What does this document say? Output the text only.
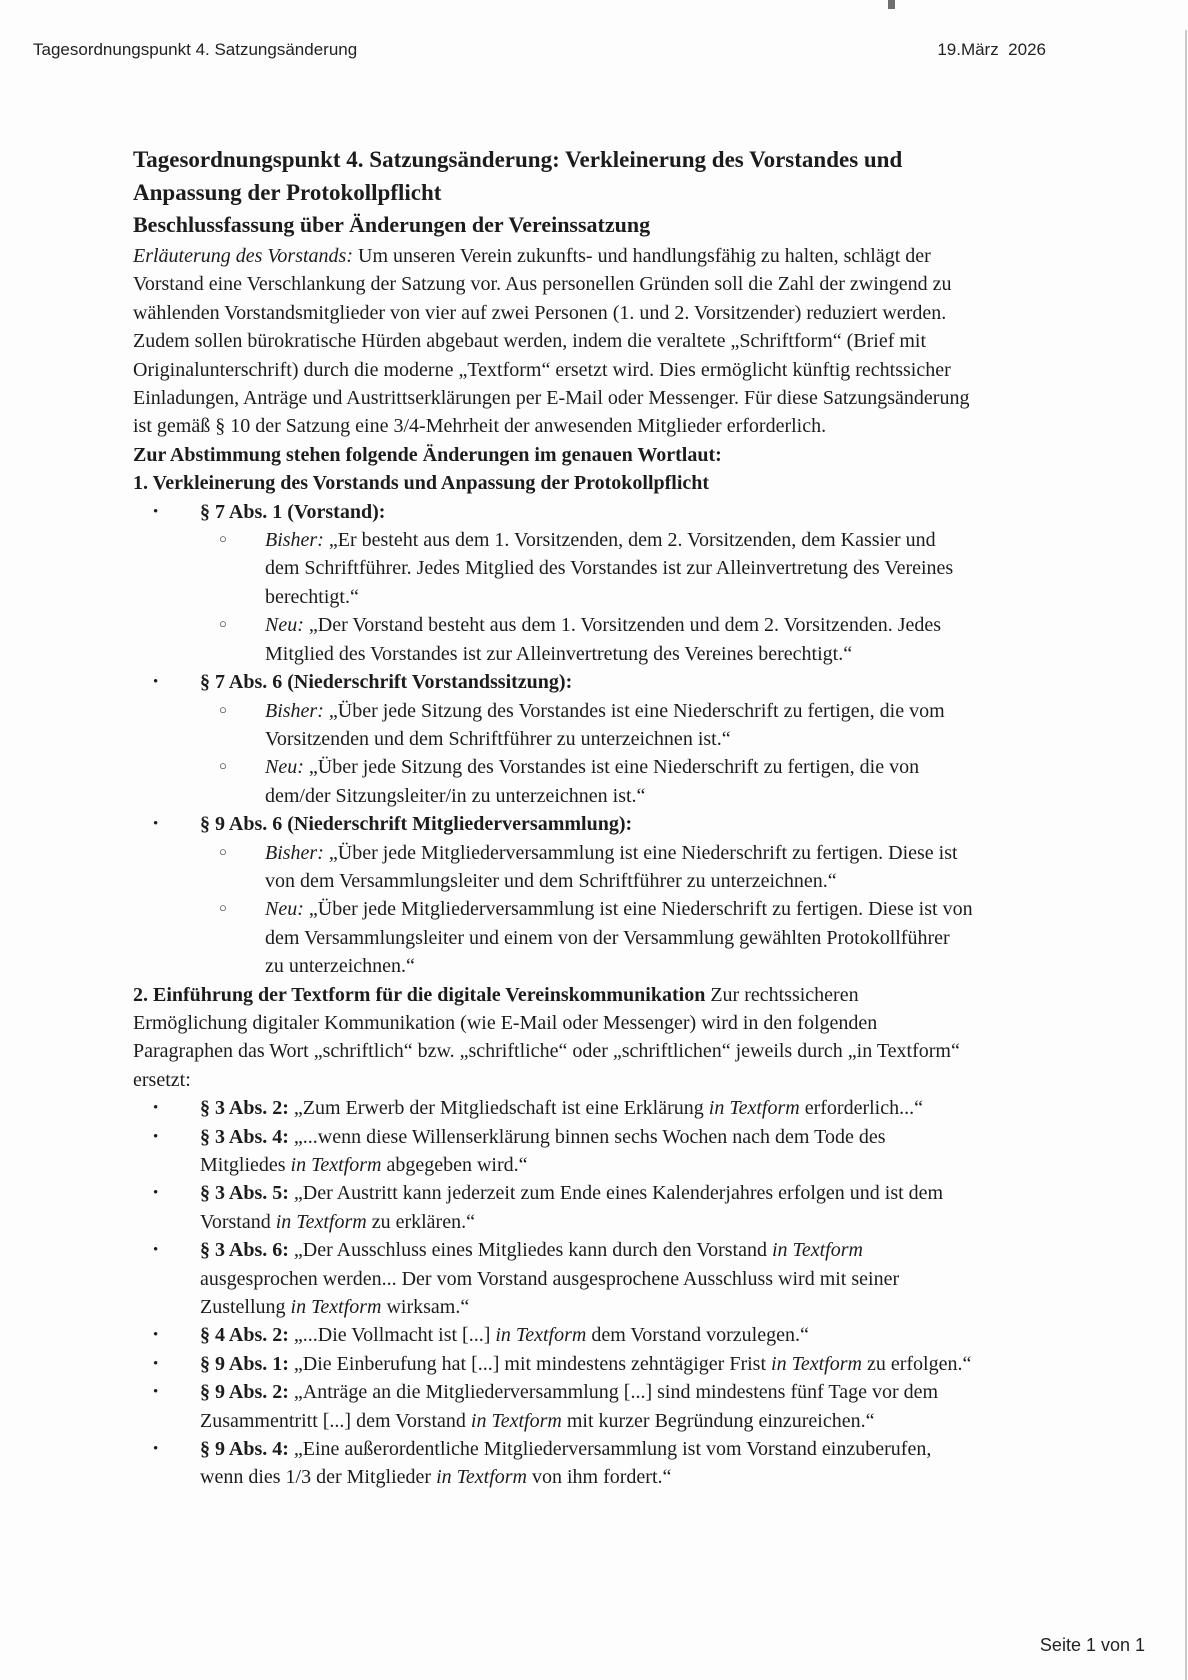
Tagesordnungspunkt 4. Satzungsänderung	19.März  2026
Tagesordnungspunkt 4. Satzungsänderung: Verkleinerung des Vorstandes und Anpassung der Protokollpflicht
Beschlussfassung über Änderungen der Vereinssatzung

Erläuterung des Vorstands: Um unseren Verein zukunfts- und handlungsfähig zu halten, schlägt der Vorstand eine Verschlankung der Satzung vor. Aus personellen Gründen soll die Zahl der zwingend zu wählenden Vorstandsmitglieder von vier auf zwei Personen (1. und 2. Vorsitzender) reduziert werden. Zudem sollen bürokratische Hürden abgebaut werden, indem die veraltete „Schriftform“ (Brief mit Originalunterschrift) durch die moderne „Textform“ ersetzt wird. Dies ermöglicht künftig rechtssicher Einladungen, Anträge und Austrittserklärungen per E-Mail oder Messenger. Für diese Satzungsänderung ist gemäß § 10 der Satzung eine 3/4-Mehrheit der anwesenden Mitglieder erforderlich.

Zur Abstimmung stehen folgende Änderungen im genauen Wortlaut:

1. Verkleinerung des Vorstands und Anpassung der Protokollpflicht

• § 7 Abs. 1 (Vorstand):
○ Bisher: „Er besteht aus dem 1. Vorsitzenden, dem 2. Vorsitzenden, dem Kassier und dem Schriftführer. Jedes Mitglied des Vorstandes ist zur Alleinvertretung des Vereines berechtigt.“
○ Neu: „Der Vorstand besteht aus dem 1. Vorsitzenden und dem 2. Vorsitzenden. Jedes Mitglied des Vorstandes ist zur Alleinvertretung des Vereines berechtigt.“
• § 7 Abs. 6 (Niederschrift Vorstandssitzung):
○ Bisher: „Über jede Sitzung des Vorstandes ist eine Niederschrift zu fertigen, die vom Vorsitzenden und dem Schriftführer zu unterzeichnen ist.“
○ Neu: „Über jede Sitzung des Vorstandes ist eine Niederschrift zu fertigen, die von dem/der Sitzungsleiter/in zu unterzeichnen ist.“
• § 9 Abs. 6 (Niederschrift Mitgliederversammlung):
○ Bisher: „Über jede Mitgliederversammlung ist eine Niederschrift zu fertigen. Diese ist von dem Versammlungsleiter und dem Schriftführer zu unterzeichnen.“
○ Neu: „Über jede Mitgliederversammlung ist eine Niederschrift zu fertigen. Diese ist von dem Versammlungsleiter und einem von der Versammlung gewählten Protokollführer zu unterzeichnen.“

2. Einführung der Textform für die digitale Vereinskommunikation Zur rechtssicheren Ermöglichung digitaler Kommunikation (wie E-Mail oder Messenger) wird in den folgenden Paragraphen das Wort „schriftlich“ bzw. „schriftliche“ oder „schriftlichen“ jeweils durch „in Textform“ ersetzt:

• § 3 Abs. 2: „Zum Erwerb der Mitgliedschaft ist eine Erklärung in Textform erforderlich...“
• § 3 Abs. 4: „...wenn diese Willenserklärung binnen sechs Wochen nach dem Tode des Mitgliedes in Textform abgegeben wird.“
• § 3 Abs. 5: „Der Austritt kann jederzeit zum Ende eines Kalenderjahres erfolgen und ist dem Vorstand in Textform zu erklären.“
• § 3 Abs. 6: „Der Ausschluss eines Mitgliedes kann durch den Vorstand in Textform ausgesprochen werden... Der vom Vorstand ausgesprochene Ausschluss wird mit seiner Zustellung in Textform wirksam.“
• § 4 Abs. 2: „...Die Vollmacht ist [...] in Textform dem Vorstand vorzulegen.“
• § 9 Abs. 1: „Die Einberufung hat [...] mit mindestens zehntägiger Frist in Textform zu erfolgen.“
• § 9 Abs. 2: „Anträge an die Mitgliederversammlung [...] sind mindestens fünf Tage vor dem Zusammentritt [...] dem Vorstand in Textform mit kurzer Begründung einzureichen.“
• § 9 Abs. 4: „Eine außerordentliche Mitgliederversammlung ist vom Vorstand einzuberufen, wenn dies 1/3 der Mitglieder in Textform von ihm fordert.“
Seite 1 von 1
